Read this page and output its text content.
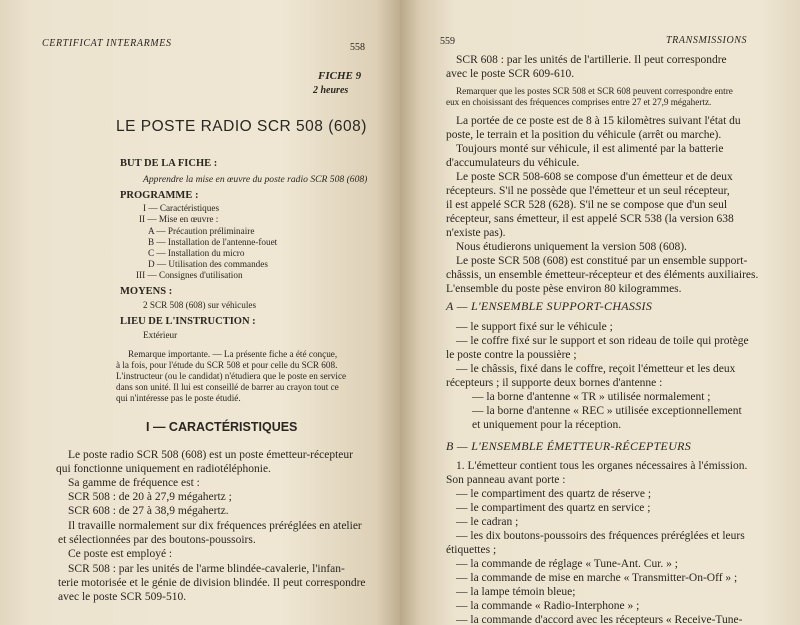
CERTIFICAT INTERARMES	558
FICHE 9
2 heures
LE POSTE RADIO SCR 508 (608)
BUT DE LA FICHE :
Apprendre la mise en œuvre du poste radio SCR 508 (608)
PROGRAMME :
I — Caractéristiques
II — Mise en œuvre :
A — Précaution préliminaire
B — Installation de l'antenne-fouet
C — Installation du micro
D — Utilisation des commandes
III — Consignes d'utilisation
MOYENS :
2 SCR 508 (608) sur véhicules
LIEU DE L'INSTRUCTION :
Extérieur
Remarque importante. — La présente fiche a été conçue,
à la fois, pour l'étude du SCR 508 et pour celle du SCR 608.
L'instructeur (ou le candidat) n'étudiera que le poste en service
dans son unité. Il lui est conseillé de barrer au crayon tout ce
qui n'intéresse pas le poste étudié.
I — CARACTÉRISTIQUES
Le poste radio SCR 508 (608) est un poste émetteur-récepteur
qui fonctionne uniquement en radiotéléphonie.
Sa gamme de fréquence est :
SCR 508 : de 20 à 27,9 mégahertz ;
SCR 608 : de 27 à 38,9 mégahertz.
Il travaille normalement sur dix fréquences préréglées en atelier
et sélectionnées par des boutons-poussoirs.
Ce poste est employé :
SCR 508 : par les unités de l'arme blindée-cavalerie, l'infan-
terie motorisée et le génie de division blindée. Il peut correspondre
avec le poste SCR 509-510.
559	TRANSMISSIONS
SCR 608 : par les unités de l'artillerie. Il peut correspondre
avec le poste SCR 609-610.
Remarquer que les postes SCR 508 et SCR 608 peuvent correspondre entre
eux en choisissant des fréquences comprises entre 27 et 27,9 mégahertz.
La portée de ce poste est de 8 à 15 kilomètres suivant l'état du
poste, le terrain et la position du véhicule (arrêt ou marche).
Toujours monté sur véhicule, il est alimenté par la batterie
d'accumulateurs du véhicule.
Le poste SCR 508-608 se compose d'un émetteur et de deux
récepteurs. S'il ne possède que l'émetteur et un seul récepteur,
il est appelé SCR 528 (628). S'il ne se compose que d'un seul
récepteur, sans émetteur, il est appelé SCR 538 (la version 638
n'existe pas).
Nous étudierons uniquement la version 508 (608).
Le poste SCR 508 (608) est constitué par un ensemble support-
châssis, un ensemble émetteur-récepteur et des éléments auxiliaires.
L'ensemble du poste pèse environ 80 kilogrammes.
A — L'ENSEMBLE SUPPORT-CHASSIS
— le support fixé sur le véhicule ;
— le coffre fixé sur le support et son rideau de toile qui protège
le poste contre la poussière ;
— le châssis, fixé dans le coffre, reçoit l'émetteur et les deux
récepteurs ; il supporte deux bornes d'antenne :
— la borne d'antenne « TR » utilisée normalement ;
— la borne d'antenne « REC » utilisée exceptionnellement
et uniquement pour la réception.
B — L'ENSEMBLE ÉMETTEUR-RÉCEPTEURS
1. L'émetteur contient tous les organes nécessaires à l'émission.
Son panneau avant porte :
— le compartiment des quartz de réserve ;
— le compartiment des quartz en service ;
— le cadran ;
— les dix boutons-poussoirs des fréquences préréglées et leurs
étiquettes ;
— la commande de réglage « Tune-Ant. Cur. » ;
— la commande de mise en marche « Transmitter-On-Off » ;
— la lampe témoin bleue;
— la commande « Radio-Interphone » ;
— la commande d'accord avec les récepteurs « Receive-Tune-
